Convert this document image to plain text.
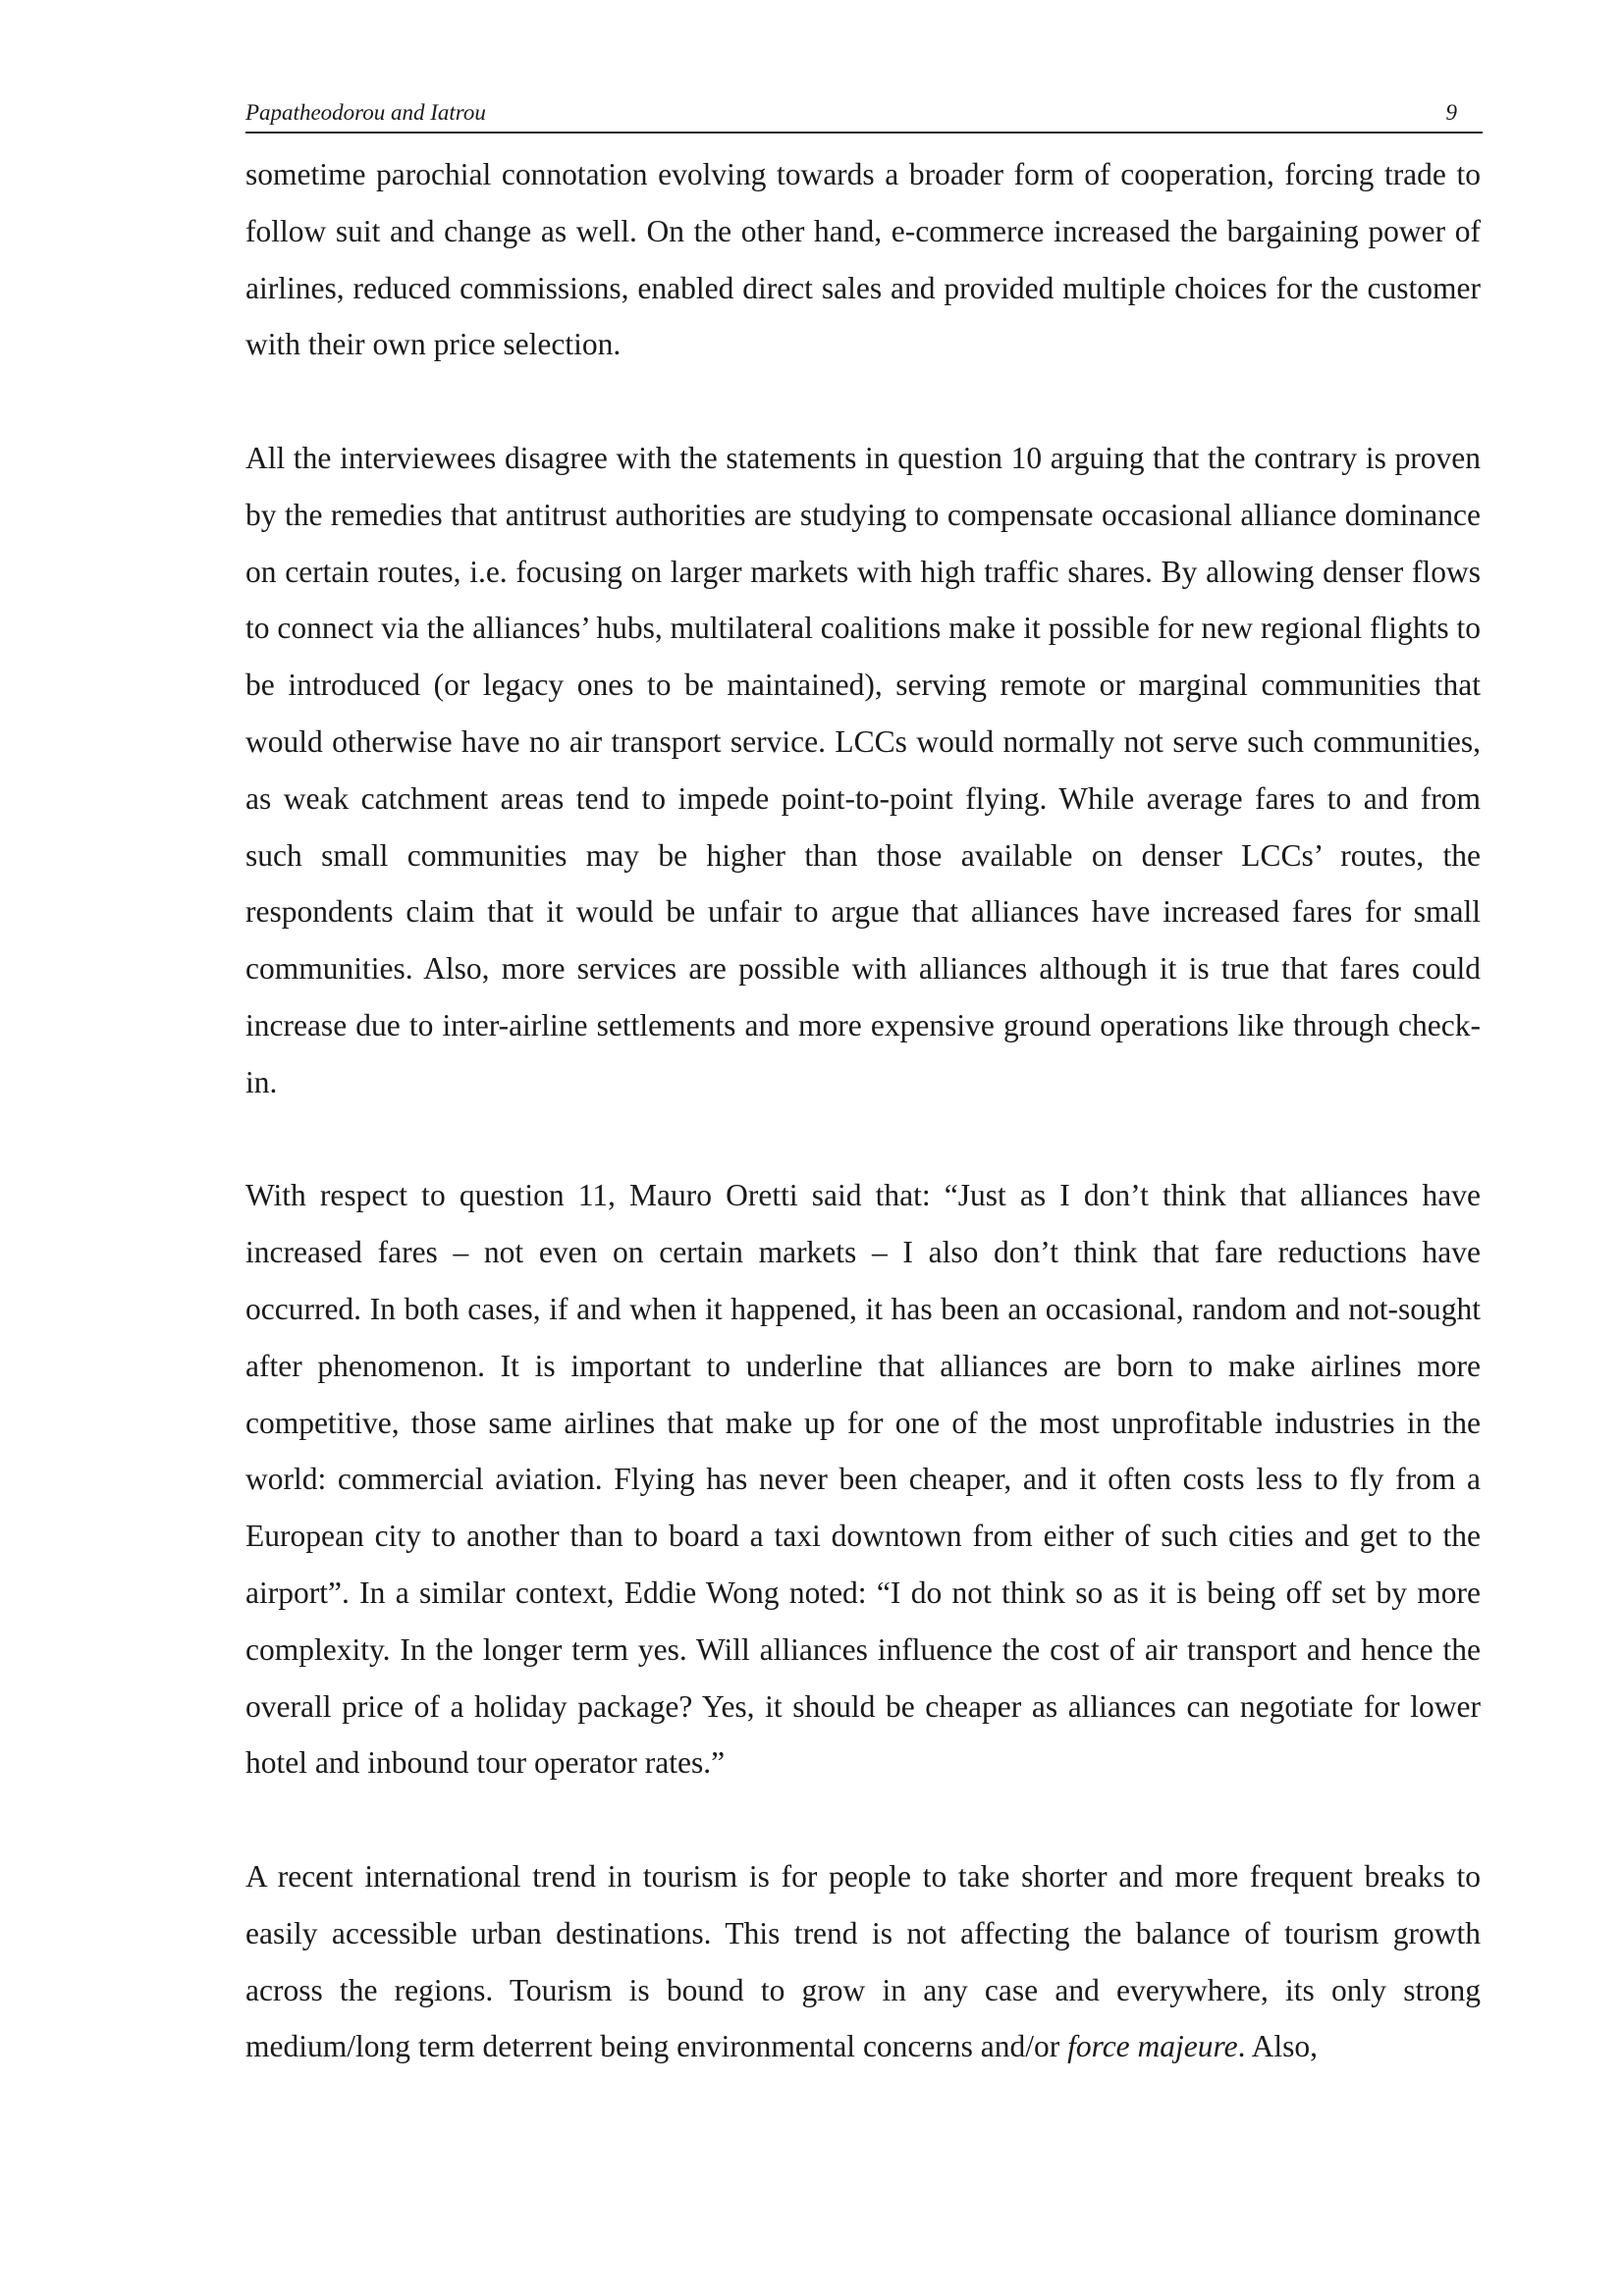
Papatheodorou and Iatrou	9

sometime parochial connotation evolving towards a broader form of cooperation, forcing trade to follow suit and change as well. On the other hand, e-commerce increased the bargaining power of airlines, reduced commissions, enabled direct sales and provided multiple choices for the customer with their own price selection.

All the interviewees disagree with the statements in question 10 arguing that the contrary is proven by the remedies that antitrust authorities are studying to compensate occasional alliance dominance on certain routes, i.e. focusing on larger markets with high traffic shares. By allowing denser flows to connect via the alliances’ hubs, multilateral coalitions make it possible for new regional flights to be introduced (or legacy ones to be maintained), serving remote or marginal communities that would otherwise have no air transport service. LCCs would normally not serve such communities, as weak catchment areas tend to impede point-to-point flying. While average fares to and from such small communities may be higher than those available on denser LCCs’ routes, the respondents claim that it would be unfair to argue that alliances have increased fares for small communities. Also, more services are possible with alliances although it is true that fares could increase due to inter-airline settlements and more expensive ground operations like through check-in.

With respect to question 11, Mauro Oretti said that: “Just as I don’t think that alliances have increased fares – not even on certain markets – I also don’t think that fare reductions have occurred. In both cases, if and when it happened, it has been an occasional, random and not-sought after phenomenon. It is important to underline that alliances are born to make airlines more competitive, those same airlines that make up for one of the most unprofitable industries in the world: commercial aviation. Flying has never been cheaper, and it often costs less to fly from a European city to another than to board a taxi downtown from either of such cities and get to the airport”. In a similar context, Eddie Wong noted: “I do not think so as it is being off set by more complexity. In the longer term yes. Will alliances influence the cost of air transport and hence the overall price of a holiday package? Yes, it should be cheaper as alliances can negotiate for lower hotel and inbound tour operator rates.”

A recent international trend in tourism is for people to take shorter and more frequent breaks to easily accessible urban destinations. This trend is not affecting the balance of tourism growth across the regions. Tourism is bound to grow in any case and everywhere, its only strong medium/long term deterrent being environmental concerns and/or force majeure. Also,
